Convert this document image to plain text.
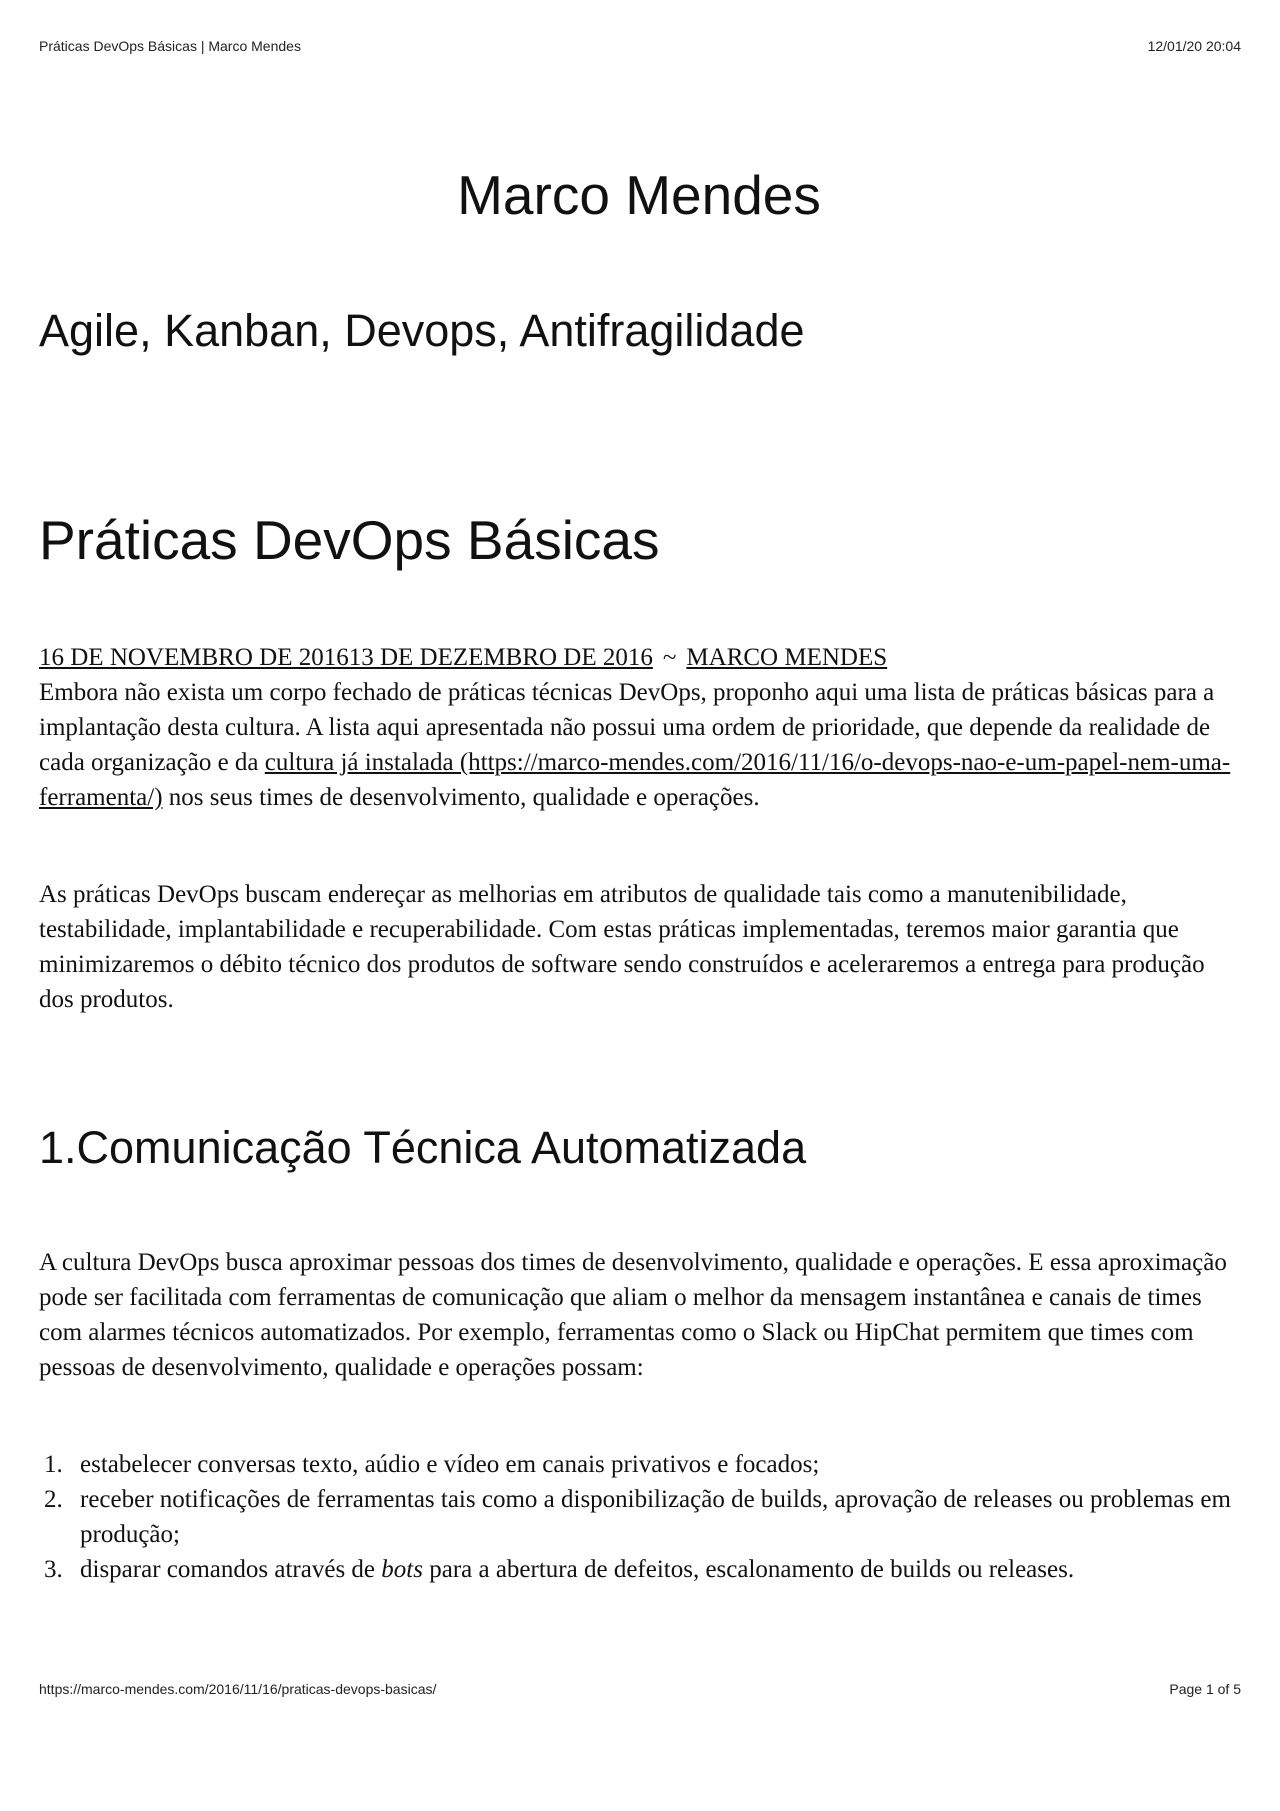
Práticas DevOps Básicas | Marco Mendes	12/01/20 20:04
Marco Mendes
Agile, Kanban, Devops, Antifragilidade
Práticas DevOps Básicas
16 DE NOVEMBRO DE 201613 DE DEZEMBRO DE 2016 ~ MARCO MENDES

Embora não exista um corpo fechado de práticas técnicas DevOps, proponho aqui uma lista de práticas básicas para a implantação desta cultura. A lista aqui apresentada não possui uma ordem de prioridade, que depende da realidade de cada organização e da cultura já instalada (https://marco-mendes.com/2016/11/16/o-devops-nao-e-um-papel-nem-uma-ferramenta/) nos seus times de desenvolvimento, qualidade e operações.

As práticas DevOps buscam endereçar as melhorias em atributos de qualidade tais como a manutenibilidade, testabilidade, implantabilidade e recuperabilidade. Com estas práticas implementadas, teremos maior garantia que minimizaremos o débito técnico dos produtos de software sendo construídos e aceleraremos a entrega para produção dos produtos.

1.Comunicação Técnica Automatizada

A cultura DevOps busca aproximar pessoas dos times de desenvolvimento, qualidade e operações. E essa aproximação pode ser facilitada com ferramentas de comunicação que aliam o melhor da mensagem instantânea e canais de times com alarmes técnicos automatizados. Por exemplo, ferramentas como o Slack ou HipChat permitem que times com pessoas de desenvolvimento, qualidade e operações possam:

1. estabelecer conversas texto, aúdio e vídeo em canais privativos e focados;
2. receber notificações de ferramentas tais como a disponibilização de builds, aprovação de releases ou problemas em produção;
3. disparar comandos através de bots para a abertura de defeitos, escalonamento de builds ou releases.
https://marco-mendes.com/2016/11/16/praticas-devops-basicas/	Page 1 of 5
